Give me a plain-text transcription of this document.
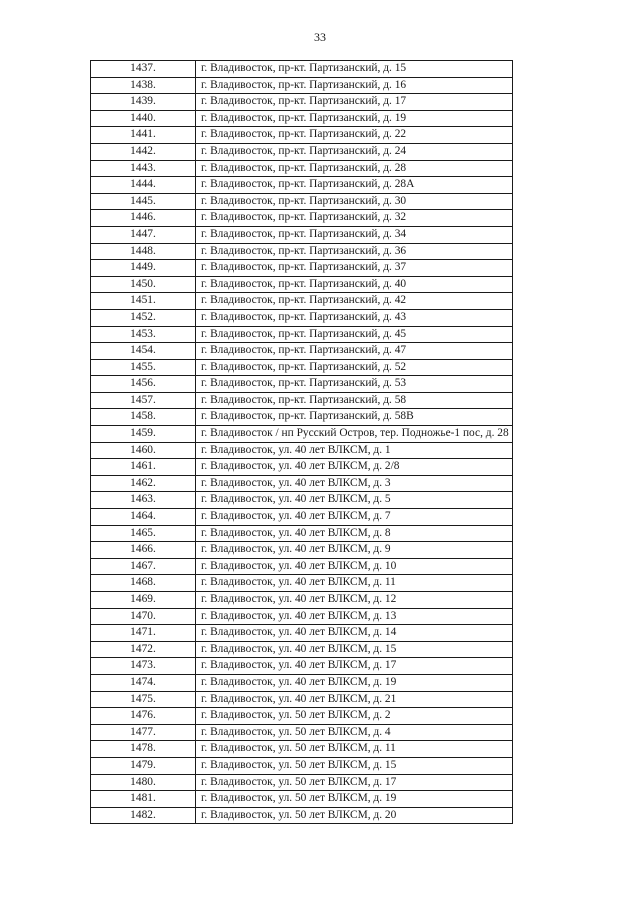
33
1437.	г. Владивосток, пр-кт. Партизанский, д. 15
1438.	г. Владивосток, пр-кт. Партизанский, д. 16
1439.	г. Владивосток, пр-кт. Партизанский, д. 17
1440.	г. Владивосток, пр-кт. Партизанский, д. 19
1441.	г. Владивосток, пр-кт. Партизанский, д. 22
1442.	г. Владивосток, пр-кт. Партизанский, д. 24
1443.	г. Владивосток, пр-кт. Партизанский, д. 28
1444.	г. Владивосток, пр-кт. Партизанский, д. 28А
1445.	г. Владивосток, пр-кт. Партизанский, д. 30
1446.	г. Владивосток, пр-кт. Партизанский, д. 32
1447.	г. Владивосток, пр-кт. Партизанский, д. 34
1448.	г. Владивосток, пр-кт. Партизанский, д. 36
1449.	г. Владивосток, пр-кт. Партизанский, д. 37
1450.	г. Владивосток, пр-кт. Партизанский, д. 40
1451.	г. Владивосток, пр-кт. Партизанский, д. 42
1452.	г. Владивосток, пр-кт. Партизанский, д. 43
1453.	г. Владивосток, пр-кт. Партизанский, д. 45
1454.	г. Владивосток, пр-кт. Партизанский, д. 47
1455.	г. Владивосток, пр-кт. Партизанский, д. 52
1456.	г. Владивосток, пр-кт. Партизанский, д. 53
1457.	г. Владивосток, пр-кт. Партизанский, д. 58
1458.	г. Владивосток, пр-кт. Партизанский, д. 58В
1459.	г. Владивосток / нп Русский Остров, тер. Подножье-1 пос, д. 28
1460.	г. Владивосток, ул. 40 лет ВЛКСМ, д. 1
1461.	г. Владивосток, ул. 40 лет ВЛКСМ, д. 2/8
1462.	г. Владивосток, ул. 40 лет ВЛКСМ, д. 3
1463.	г. Владивосток, ул. 40 лет ВЛКСМ, д. 5
1464.	г. Владивосток, ул. 40 лет ВЛКСМ, д. 7
1465.	г. Владивосток, ул. 40 лет ВЛКСМ, д. 8
1466.	г. Владивосток, ул. 40 лет ВЛКСМ, д. 9
1467.	г. Владивосток, ул. 40 лет ВЛКСМ, д. 10
1468.	г. Владивосток, ул. 40 лет ВЛКСМ, д. 11
1469.	г. Владивосток, ул. 40 лет ВЛКСМ, д. 12
1470.	г. Владивосток, ул. 40 лет ВЛКСМ, д. 13
1471.	г. Владивосток, ул. 40 лет ВЛКСМ, д. 14
1472.	г. Владивосток, ул. 40 лет ВЛКСМ, д. 15
1473.	г. Владивосток, ул. 40 лет ВЛКСМ, д. 17
1474.	г. Владивосток, ул. 40 лет ВЛКСМ, д. 19
1475.	г. Владивосток, ул. 40 лет ВЛКСМ, д. 21
1476.	г. Владивосток, ул. 50 лет ВЛКСМ, д. 2
1477.	г. Владивосток, ул. 50 лет ВЛКСМ, д. 4
1478.	г. Владивосток, ул. 50 лет ВЛКСМ, д. 11
1479.	г. Владивосток, ул. 50 лет ВЛКСМ, д. 15
1480.	г. Владивосток, ул. 50 лет ВЛКСМ, д. 17
1481.	г. Владивосток, ул. 50 лет ВЛКСМ, д. 19
1482.	г. Владивосток, ул. 50 лет ВЛКСМ, д. 20
